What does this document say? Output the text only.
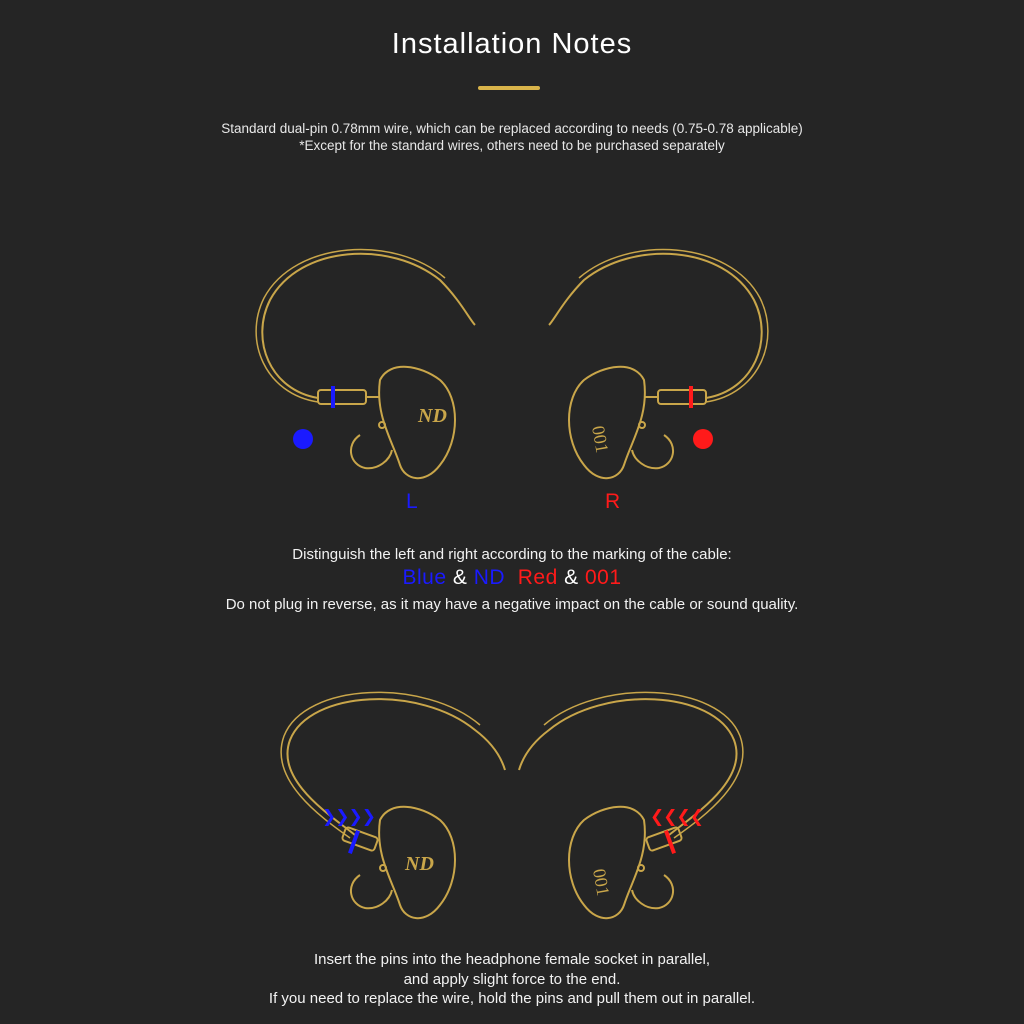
Installation Notes
Standard dual-pin 0.78mm wire, which can be replaced according to needs (0.75-0.78 applicable)
*Except for the standard wires, others need to be purchased separately
ND
001
L	R
Distinguish the left and right according to the marking of the cable:
Blue & ND Red & 001
Do not plug in reverse, as it may have a negative impact on the cable or sound quality.
❯❯❯❯	❮❮❮❮
ND
001
Insert the pins into the headphone female socket in parallel,
and apply slight force to the end.
If you need to replace the wire, hold the pins and pull them out in parallel.
